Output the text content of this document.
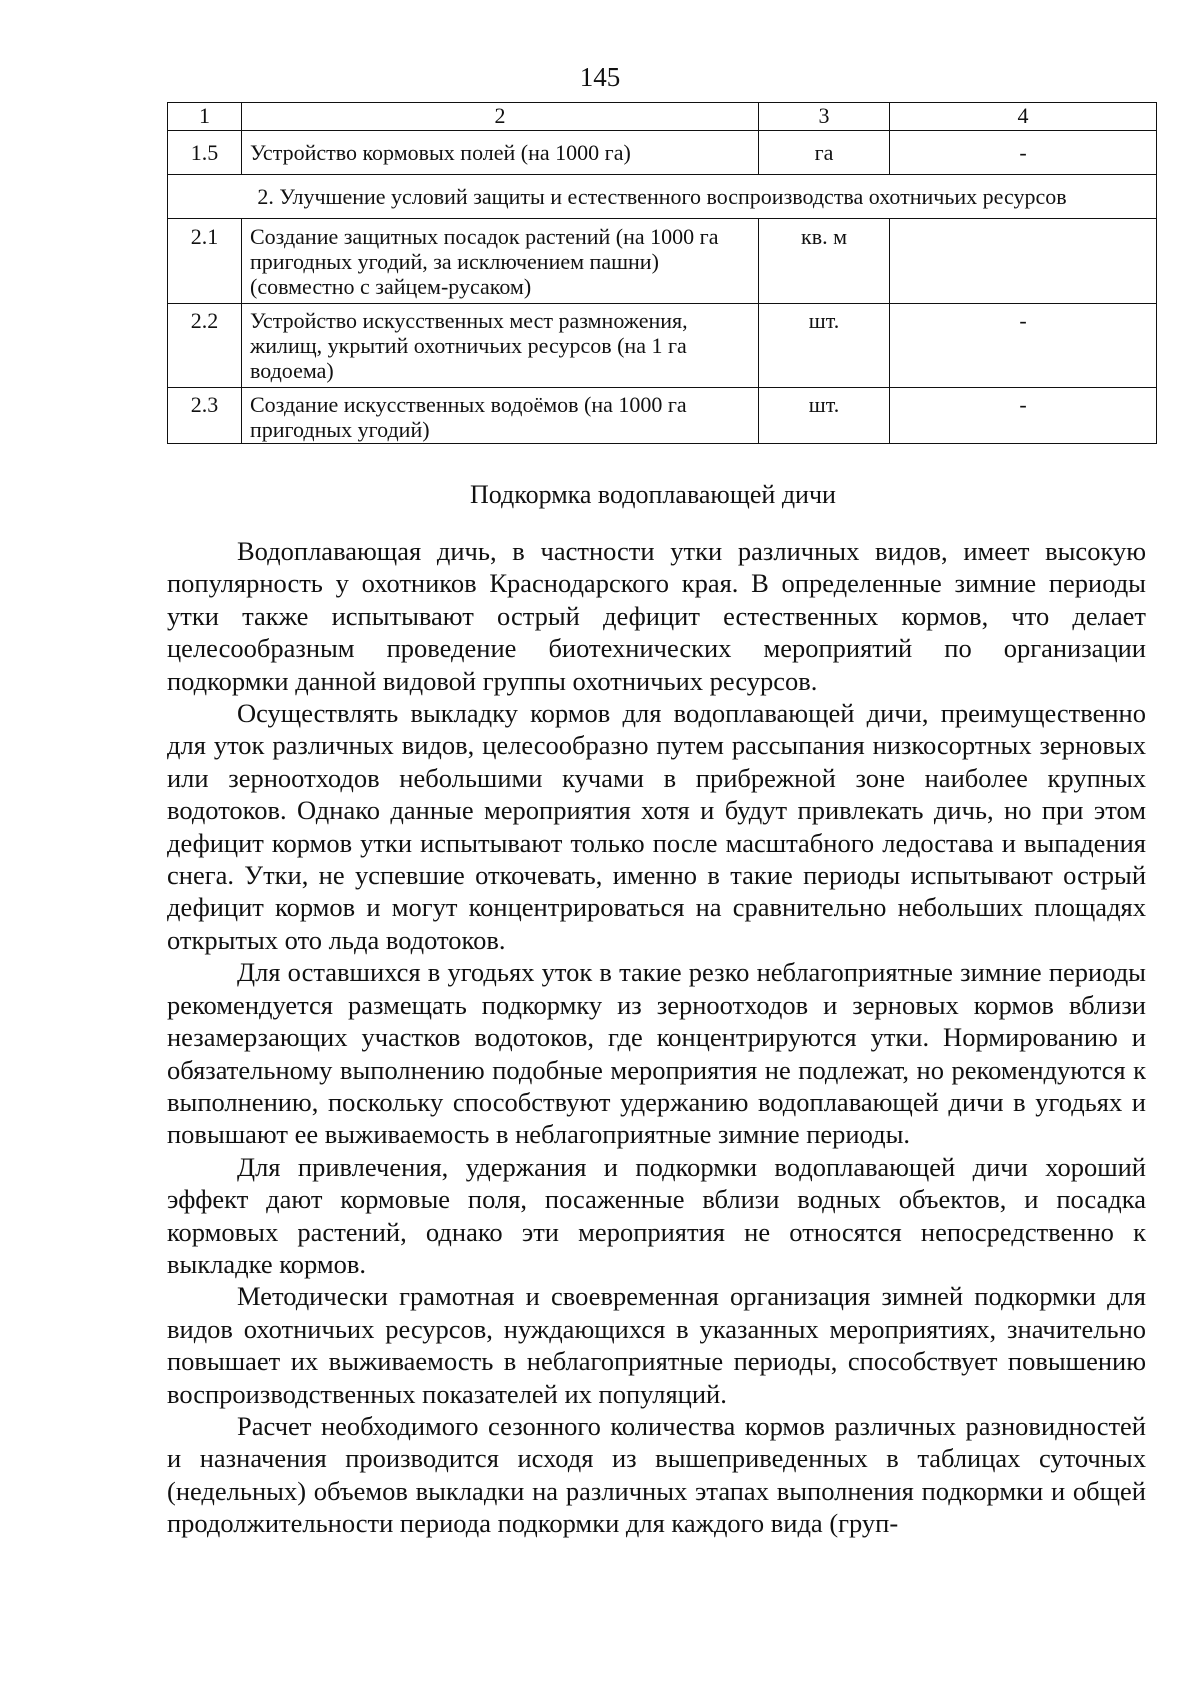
145
1	2	3	4
1.5	Устройство кормовых полей (на 1000 га)	га	-
2. Улучшение условий защиты и естественного воспроизводства охотничьих ресурсов			
2.1	Создание защитных посадок растений (на 1000 га пригодных угодий, за исключением пашни) (совместно с зайцем-русаком)	кв. м	
2.2	Устройство искусственных мест размножения, жилищ, укрытий охотничьих ресурсов (на 1 га водоема)	шт.	-
2.3	Создание искусственных водоёмов (на 1000 га пригодных угодий)	шт.	-
Подкормка водоплавающей дичи

Водоплавающая дичь, в частности утки различных видов, имеет высокую популярность у охотников Краснодарского края. В определенные зимние периоды утки также испытывают острый дефицит естественных кормов, что делает целесообразным проведение биотехнических мероприятий по организации подкормки данной видовой группы охотничьих ресурсов.

Осуществлять выкладку кормов для водоплавающей дичи, преимущественно для уток различных видов, целесообразно путем рассыпания низкосортных зерновых или зерноотходов небольшими кучами в прибрежной зоне наиболее крупных водотоков. Однако данные мероприятия хотя и будут привлекать дичь, но при этом дефицит кормов утки испытывают только после масштабного ледостава и выпадения снега. Утки, не успевшие откочевать, именно в такие периоды испытывают острый дефицит кормов и могут концентрироваться на сравнительно небольших площадях открытых ото льда водотоков.

Для оставшихся в угодьях уток в такие резко неблагоприятные зимние периоды рекомендуется размещать подкормку из зерноотходов и зерновых кормов вблизи незамерзающих участков водотоков, где концентрируются утки. Нормированию и обязательному выполнению подобные мероприятия не подлежат, но рекомендуются к выполнению, поскольку способствуют удержанию водоплавающей дичи в угодьях и повышают ее выживаемость в неблагоприятные зимние периоды.

Для привлечения, удержания и подкормки водоплавающей дичи хороший эффект дают кормовые поля, посаженные вблизи водных объектов, и посадка кормовых растений, однако эти мероприятия не относятся непосредственно к выкладке кормов.

Методически грамотная и своевременная организация зимней подкормки для видов охотничьих ресурсов, нуждающихся в указанных мероприятиях, значительно повышает их выживаемость в неблагоприятные периоды, способствует повышению воспроизводственных показателей их популяций.

Расчет необходимого сезонного количества кормов различных разновидностей и назначения производится исходя из вышеприведенных в таблицах суточных (недельных) объемов выкладки на различных этапах выполнения подкормки и общей продолжительности периода подкормки для каждого вида (груп-
